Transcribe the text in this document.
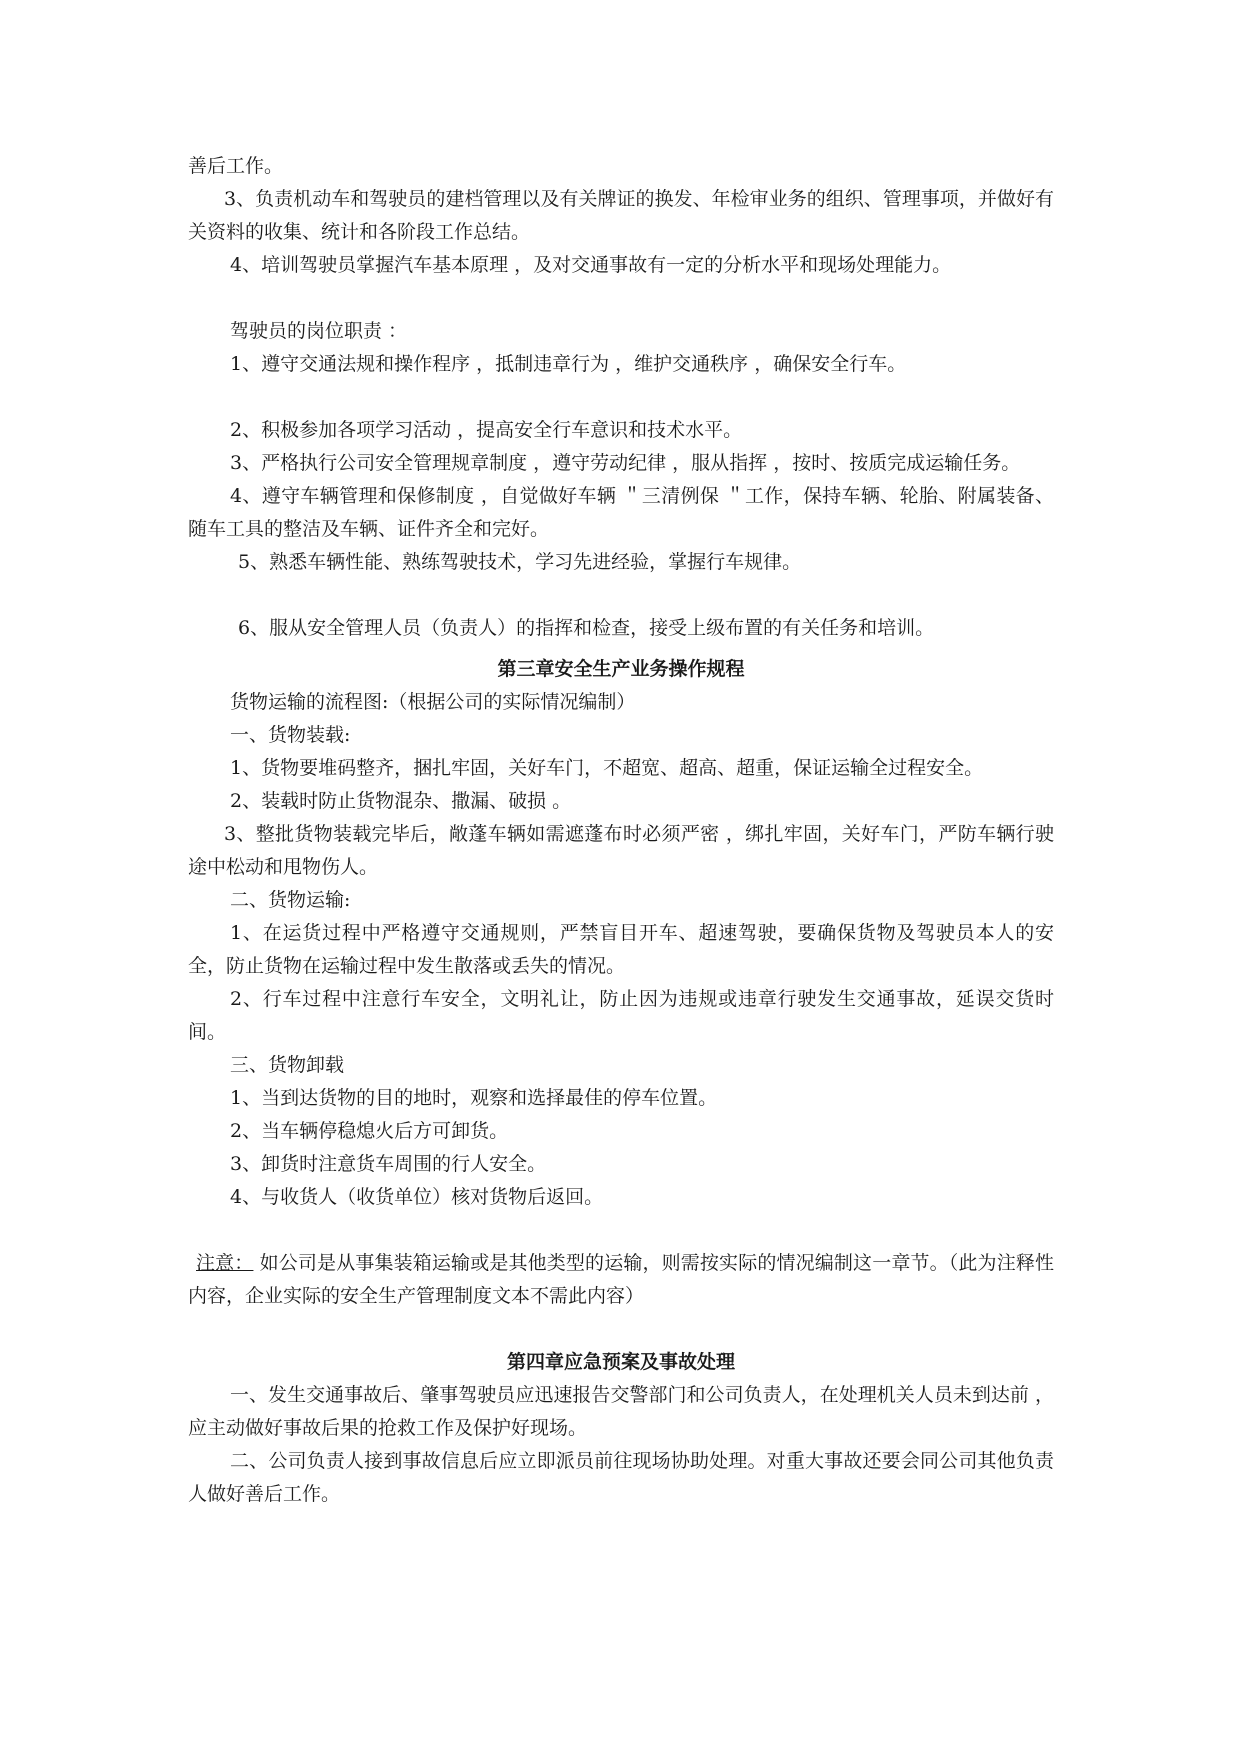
善后工作。

3、负责机动车和驾驶员的建档管理以及有关牌证的换发、年检审业务的组织、管理事项，并做好有关资料的收集、统计和各阶段工作总结。

4、培训驾驶员掌握汽车基本原理 ，及对交通事故有一定的分析水平和现场处理能力。

驾驶员的岗位职责 ：

1、遵守交通法规和操作程序 ，抵制违章行为 ，维护交通秩序 ，确保安全行车。

2、积极参加各项学习活动 ，提高安全行车意识和技术水平。

3、严格执行公司安全管理规章制度 ，遵守劳动纪律 ，服从指挥 ，按时、按质完成运输任务。

4、遵守车辆管理和保修制度 ，自觉做好车辆 ＂三清例保 ＂工作，保持车辆、轮胎、附属装备、随车工具的整洁及车辆、证件齐全和完好。

5、熟悉车辆性能、熟练驾驶技术，学习先进经验，掌握行车规律。

6、服从安全管理人员（负责人）的指挥和检查，接受上级布置的有关任务和培训。

第三章安全生产业务操作规程

货物运输的流程图:（根据公司的实际情况编制）

一、货物装载:

1、货物要堆码整齐，捆扎牢固，关好车门，不超宽、超高、超重，保证运输全过程安全。

2、装载时防止货物混杂、撒漏、破损 。

3、整批货物装载完毕后，敞蓬车辆如需遮蓬布时必须严密 ，绑扎牢固，关好车门，严防车辆行驶途中松动和甩物伤人。

二、货物运输:

1、在运货过程中严格遵守交通规则，严禁盲目开车、超速驾驶，要确保货物及驾驶员本人的安全，防止货物在运输过程中发生散落或丢失的情况。

2、行车过程中注意行车安全，文明礼让，防止因为违规或违章行驶发生交通事故，延误交货时间。

三、货物卸载

1、当到达货物的目的地时，观察和选择最佳的停车位置。

2、当车辆停稳熄火后方可卸货。

3、卸货时注意货车周围的行人安全。

4、与收货人（收货单位）核对货物后返回。

注意： 如公司是从事集装箱运输或是其他类型的运输，则需按实际的情况编制这一章节。（此为注释性内容，企业实际的安全生产管理制度文本不需此内容）

第四章应急预案及事故处理

一、发生交通事故后、肇事驾驶员应迅速报告交警部门和公司负责人，在处理机关人员未到达前 ，应主动做好事故后果的抢救工作及保护好现场。

二、公司负责人接到事故信息后应立即派员前往现场协助处理。对重大事故还要会同公司其他负责人做好善后工作。
